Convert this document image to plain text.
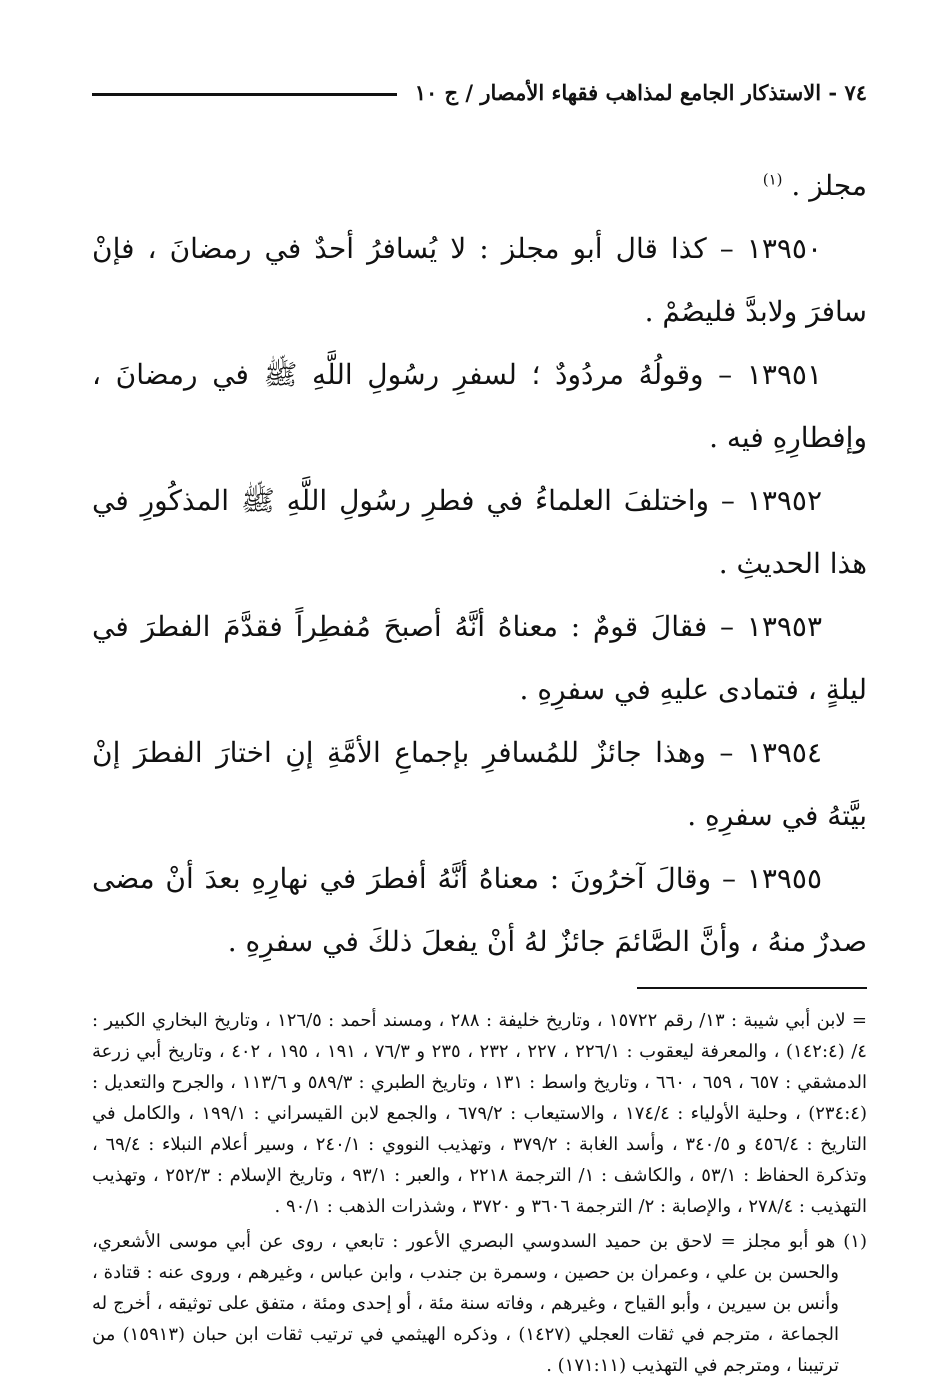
٧٤ - الاستذكار الجامع لمذاهب فقهاء الأمصار / ج ١٠

مجلز . $^{(١)}$

١٣٩٥٠ – كذا قال أبو مجلز : لا يُسافرُ أحدٌ في رمضانَ ، فإنْ سافرَ ولابدَّ فليصُمْ .

١٣٩٥١ – وقولُهُ مردُودٌ ؛ لسفرِ رسُولِ اللَّهِ ﷺ في رمضانَ ، وإفطارِهِ فيه .

١٣٩٥٢ – واختلفَ العلماءُ في فطرِ رسُولِ اللَّهِ ﷺ المذكُورِ في هذا الحديثِ .

١٣٩٥٣ – فقالَ قومٌ : معناهُ أنَّهُ أصبحَ مُفطِراً فقدَّمَ الفطرَ في ليلةٍ ، فتمادى عليهِ في سفرِهِ .

١٣٩٥٤ – وهذا جائزٌ للمُسافرِ بإجماعِ الأمَّةِ إنِ اختارَ الفطرَ إنْ بيَّتهُ في سفرِهِ .

١٣٩٥٥ – وقالَ آخرُونَ : معناهُ أنَّهُ أفطرَ في نهارِهِ بعدَ أنْ مضى صدرٌ منهُ ، وأنَّ الصَّائمَ جائزٌ لهُ أنْ يفعلَ ذلكَ في سفرِهِ .

= لابن أبي شيبة : ١٣/ رقم ١٥٧٢٢ ، وتاريخ خليفة : ٢٨٨ ، ومسند أحمد : ١٢٦/٥ ، وتاريخ البخاري الكبير : ٤/ (١٤٢:٤) ، والمعرفة ليعقوب : ٢٢٦/١ ، ٢٢٧ ، ٢٣٢ ، ٢٣٥ و ٧٦/٣ ، ١٩١ ، ١٩٥ ، ٤٠٢ ، وتاريخ أبي زرعة الدمشقي : ٦٥٧ ، ٦٥٩ ، ٦٦٠ ، وتاريخ واسط : ١٣١ ، وتاريخ الطبري : ٥٨٩/٣ و ١١٣/٦ ، والجرح والتعديل : (٢٣٤:٤) ، وحلية الأولياء : ١٧٤/٤ ، والاستيعاب : ٦٧٩/٢ ، والجمع لابن القيسراني : ١٩٩/١ ، والكامل في التاريخ : ٤٥٦/٤ و ٣٤٠/٥ ، وأسد الغابة : ٣٧٩/٢ ، وتهذيب النووي : ٢٤٠/١ ، وسير أعلام النبلاء : ٦٩/٤ ، وتذكرة الحفاظ : ٥٣/١ ، والكاشف : ١/ الترجمة ٢٢١٨ ، والعبر : ٩٣/١ ، وتاريخ الإسلام : ٢٥٢/٣ ، وتهذيب التهذيب : ٢٧٨/٤ ، والإصابة : ٢/ الترجمة ٣٦٠٦ و ٣٧٢٠ ، وشذرات الذهب : ٩٠/١ .

(١) هو أبو مجلز = لاحق بن حميد السدوسي البصري الأعور : تابعي ، روى عن أبي موسى الأشعري، والحسن بن علي ، وعمران بن حصين ، وسمرة بن جندب ، وابن عباس ، وغيرهم ، وروى عنه : قتادة ، وأنس بن سيرين ، وأبو القياح ، وغيرهم ، وفاته سنة مئة ، أو إحدى ومئة ، متفق على توثيقه ، أخرج له الجماعة ، مترجم في ثقات العجلي (١٤٢٧) ، وذكره الهيثمي في ترتيب ثقات ابن حبان (١٥٩١٣) من ترتيبنا ، ومترجم في التهذيب (١٧١:١١) .
